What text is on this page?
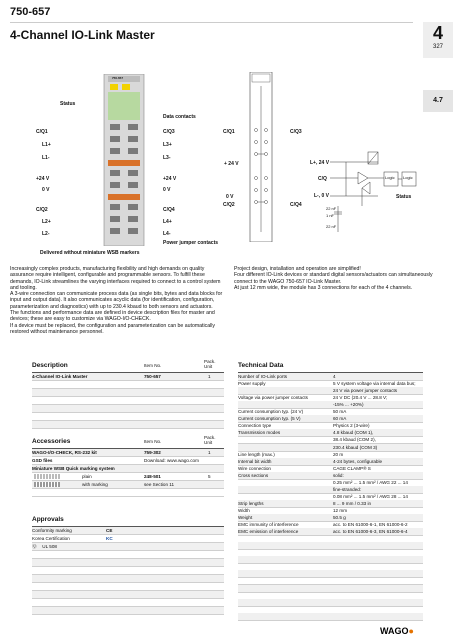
750-657
4-Channel IO-Link Master	4
327
4.7
750-657
Status
Data contacts
C/Q1
L1+
L1-
+24 V
0 V
C/Q2
L2+
L2-
C/Q3
L3+
L3-
+24 V
0 V
C/Q4
L4+
L4-
Power jumper contacts
Delivered without miniature WSB markers
C/Q1	C/Q3
+ 24 V
0 V
C/Q2	C/Q4
L+, 24 V
C/Q
L-, 0 V
22 nF
1 nF
22 nF
Logic Logic
Status

Increasingly complex products, manufacturing flexibility and high demands on quality assurance require intelligent, configurable and programmable sensors. To fulfill these demands, IO-Link streamlines the varying interfaces required to connect to a control system and tooling.

A 3-wire connection can communicate process data (as single bits, bytes and data blocks for input and output data). It also communicates acyclic data (for identification, configuration, parameterization and diagnostics) with up to 230.4 kbaud to both sensors and actuators.

The functions and performance data are defined in device description files for master and devices; these are easy to customize via WAGO-I/O-CHECK.

If a device must be replaced, the configuration and parameterization can be automatically restored without maintenance personnel.

Project design, installation and operation are simplified!

Four different IO-Link devices or standard digital sensors/actuators can simultaneously connect to the WAGO 750-657 IO-Link Master.

At just 12 mm wide, the module has 3 connections for each of the 4 channels.

Description	Item No.
Pack. Unit
4-Channel IO-Link Master	750-657	1
Accessories	Item No.
Pack. Unit
WAGO-I/O-CHECK, RS-232 kit	759-302	1
GSD files	Download: www.wago.com
Miniature WSB Quick marking system
plain	248-501	5
with marking	see Section 11
Approvals
Conformity marking	CE
Korea Certification	KC
Ⓠ UL 508
Technical Data
Number of IO-Link ports	4
Power supply	5 V system voltage via internal data bus;
24 V via power jumper contacts
Voltage via power jumper contacts	24 V DC (20.4 V ... 28.8 V;
-15% ... +20%)
Current consumption typ. (24 V)	50 mA
Current consumption typ. (5 V)	60 mA
Connection type	Physics 2 (3-wire)
Transmission modes	4.8 kbaud (COM 1),
38.4 kbaud (COM 2),
230.4 kbaud (COM 3)
Line length (max.)	20 m
Internal bit width	4-24 bytes, configurable
Wire connection	CAGE CLAMP® S
Cross sections	solid:
0.25 mm² ... 1.5 mm² / AWG 22 ... 14
fine-stranded:
0.08 mm² ... 1.5 mm² / AWG 28 ... 14
Strip lengths	8 ... 9 mm / 0.33 in
Width	12 mm
Weight	50.5 g
EMC immunity of interference	acc. to EN 61000-6-1, EN 61000-6-2
EMC emission of interference	acc. to EN 61000-6-3, EN 61000-6-4
WAGO●
